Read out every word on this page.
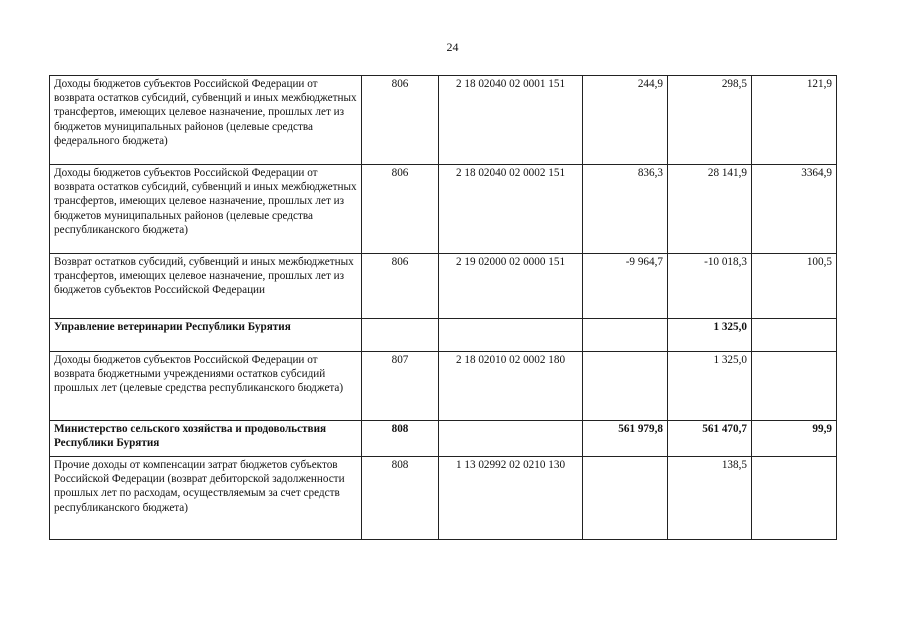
24
Доходы бюджетов субъектов Российской Федерации от возврата остатков субсидий, субвенций и иных межбюджетных трансфертов, имеющих целевое назначение, прошлых лет из бюджетов муниципальных районов (целевые средства федерального бюджета)	806	2 18 02040 02 0001 151	244,9	298,5	121,9
Доходы бюджетов субъектов Российской Федерации от возврата остатков субсидий, субвенций и иных межбюджетных трансфертов, имеющих целевое назначение, прошлых лет из бюджетов муниципальных районов (целевые средства республиканского бюджета)	806	2 18 02040 02 0002 151	836,3	28 141,9	3364,9
Возврат остатков субсидий, субвенций и иных межбюджетных трансфертов, имеющих целевое назначение, прошлых лет из бюджетов субъектов Российской Федерации	806	2 19 02000 02 0000 151	-9 964,7	-10 018,3	100,5
Управление ветеринарии Республики Бурятия				1 325,0	
Доходы бюджетов субъектов Российской Федерации от возврата бюджетными учреждениями остатков субсидий прошлых лет (целевые средства республиканского бюджета)	807	2 18 02010 02 0002 180		1 325,0	
Министерство сельского хозяйства и продовольствия Республики Бурятия	808		561 979,8	561 470,7	99,9
Прочие доходы от компенсации затрат бюджетов субъектов Российской Федерации (возврат дебиторской задолженности прошлых лет по расходам, осуществляемым за счет средств республиканского бюджета)	808	1 13 02992 02 0210 130		138,5	
